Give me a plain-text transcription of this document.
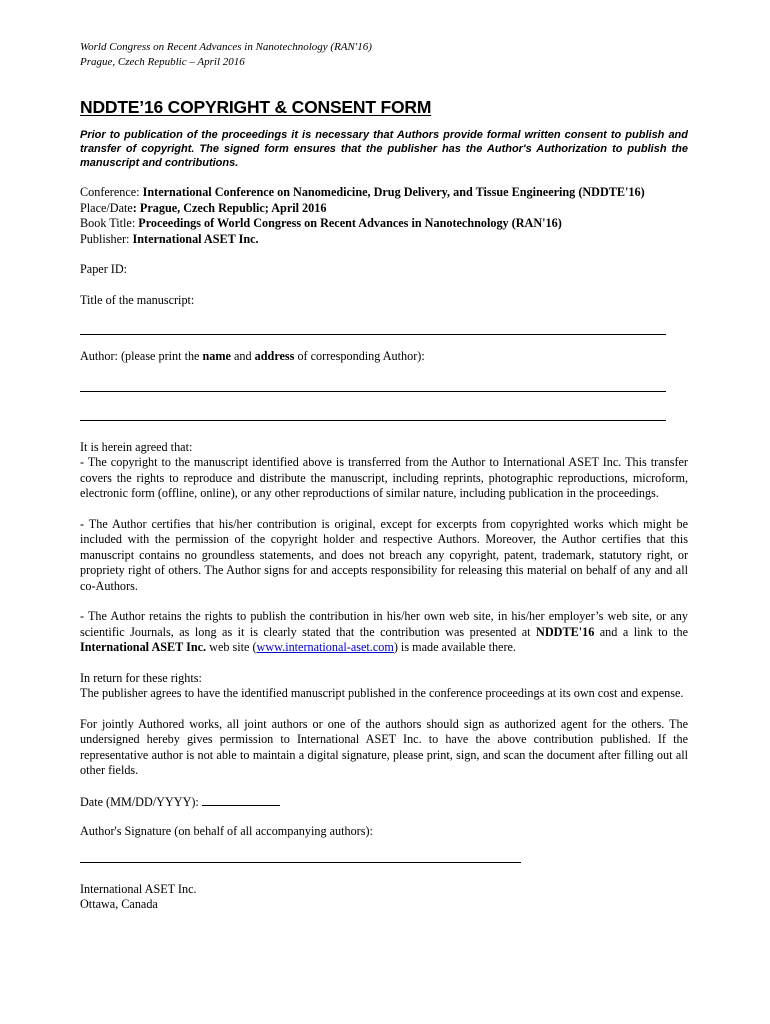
World Congress on Recent Advances in Nanotechnology (RAN'16)
Prague, Czech Republic – April 2016
NDDTE’16 COPYRIGHT & CONSENT FORM
Prior to publication of the proceedings it is necessary that Authors provide formal written consent to publish and transfer of copyright. The signed form ensures that the publisher has the Author's Authorization to publish the manuscript and contributions.
Conference: International Conference on Nanomedicine, Drug Delivery, and Tissue Engineering (NDDTE'16)
Place/Date: Prague, Czech Republic; April 2016
Book Title: Proceedings of World Congress on Recent Advances in Nanotechnology (RAN'16)
Publisher: International ASET Inc.
Paper ID:
Title of the manuscript:
Author: (please print the name and address of corresponding Author):
It is herein agreed that:
- The copyright to the manuscript identified above is transferred from the Author to International ASET Inc. This transfer covers the rights to reproduce and distribute the manuscript, including reprints, photographic reproductions, microform, electronic form (offline, online), or any other reproductions of similar nature, including publication in the proceedings.
- The Author certifies that his/her contribution is original, except for excerpts from copyrighted works which might be included with the permission of the copyright holder and respective Authors. Moreover, the Author certifies that this manuscript contains no groundless statements, and does not breach any copyright, patent, trademark, statutory right, or propriety right of others. The Author signs for and accepts responsibility for releasing this material on behalf of any and all co-Authors.
- The Author retains the rights to publish the contribution in his/her own web site, in his/her employer’s web site, or any scientific Journals, as long as it is clearly stated that the contribution was presented at NDDTE'16 and a link to the International ASET Inc. web site (www.international-aset.com) is made available there.
In return for these rights:
The publisher agrees to have the identified manuscript published in the conference proceedings at its own cost and expense.
For jointly Authored works, all joint authors or one of the authors should sign as authorized agent for the others. The undersigned hereby gives permission to International ASET Inc. to have the above contribution published. If the representative author is not able to maintain a digital signature, please print, sign, and scan the document after filling out all other fields.
Date (MM/DD/YYYY):
Author's Signature (on behalf of all accompanying authors):
International ASET Inc.
Ottawa, Canada
